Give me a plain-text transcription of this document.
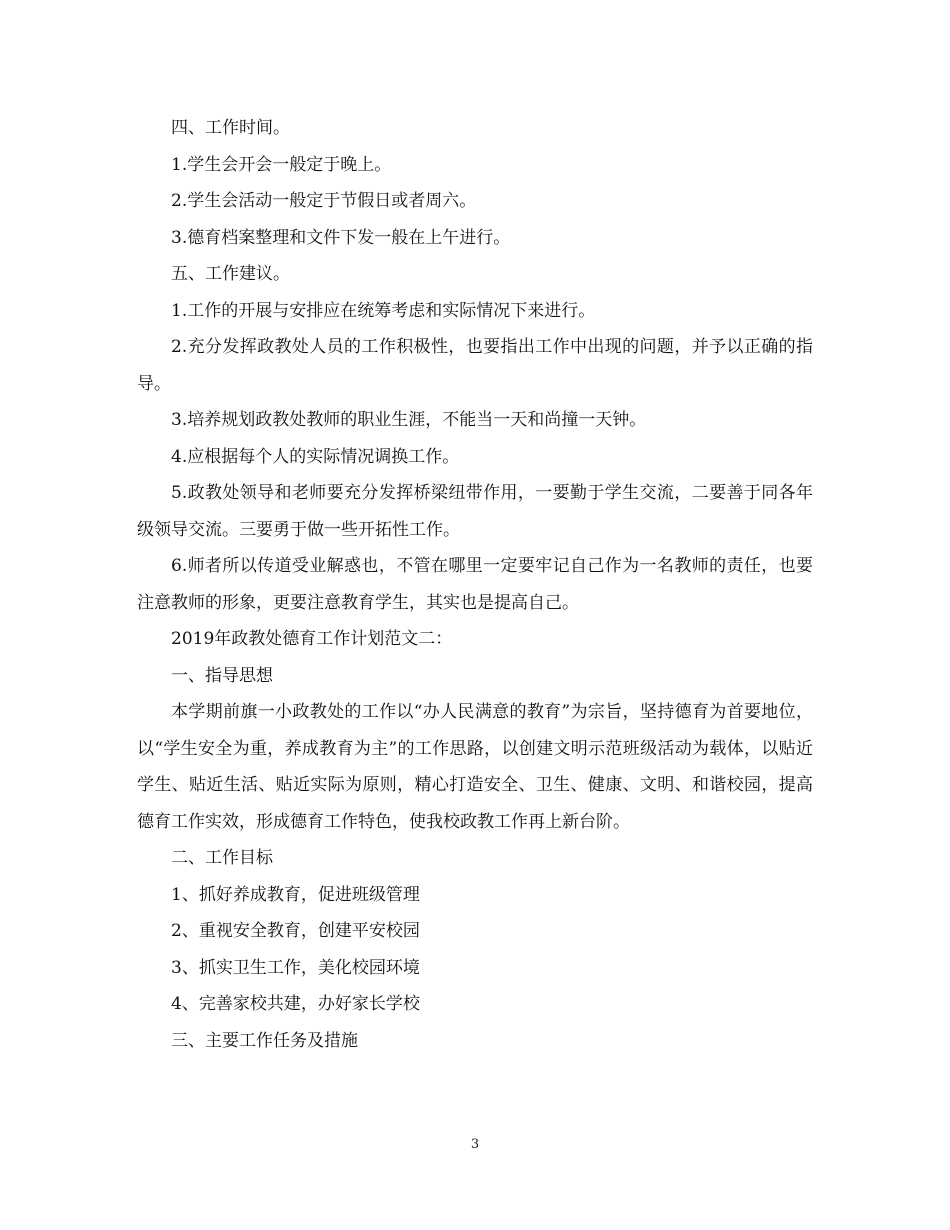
四、工作时间。

1.学生会开会一般定于晚上。

2.学生会活动一般定于节假日或者周六。

3.德育档案整理和文件下发一般在上午进行。

五、工作建议。

1.工作的开展与安排应在统筹考虑和实际情况下来进行。

2.充分发挥政教处人员的工作积极性，也要指出工作中出现的问题，并予以正确的指导。

3.培养规划政教处教师的职业生涯，不能当一天和尚撞一天钟。

4.应根据每个人的实际情况调换工作。

5.政教处领导和老师要充分发挥桥梁纽带作用，一要勤于学生交流，二要善于同各年级领导交流。三要勇于做一些开拓性工作。

6.师者所以传道受业解惑也，不管在哪里一定要牢记自己作为一名教师的责任，也要注意教师的形象，更要注意教育学生，其实也是提高自己。

2019年政教处德育工作计划范文二：

一、指导思想

本学期前旗一小政教处的工作以“办人民满意的教育”为宗旨，坚持德育为首要地位，以“学生安全为重，养成教育为主”的工作思路，以创建文明示范班级活动为载体，以贴近学生、贴近生活、贴近实际为原则，精心打造安全、卫生、健康、文明、和谐校园，提高德育工作实效，形成德育工作特色，使我校政教工作再上新台阶。

二、工作目标

1、抓好养成教育，促进班级管理

2、重视安全教育，创建平安校园

3、抓实卫生工作，美化校园环境

4、完善家校共建，办好家长学校

三、主要工作任务及措施

3
